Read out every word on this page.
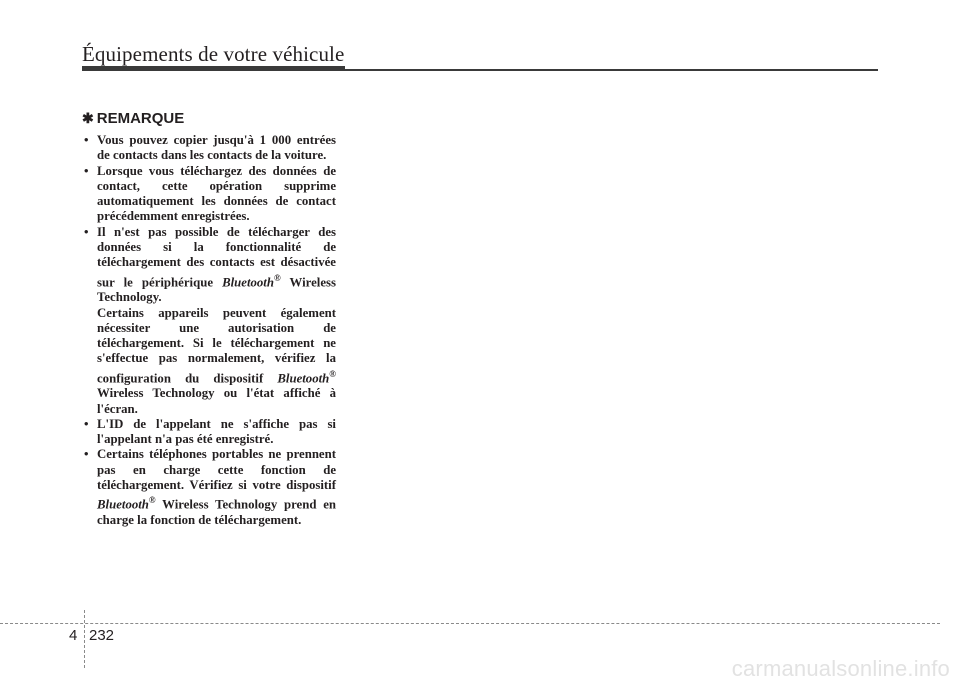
Équipements de votre véhicule
✱ REMARQUE
• Vous pouvez copier jusqu'à 1 000 entrées de contacts dans les contacts de la voiture.
• Lorsque vous téléchargez des données de contact, cette opération supprime automatiquement les données de contact précédemment enregistrées.
• Il n'est pas possible de télécharger des données si la fonctionnalité de téléchargement des contacts est désactivée sur le périphérique Bluetooth® Wireless Technology.
Certains appareils peuvent également nécessiter une autorisation de téléchargement. Si le téléchargement ne s'effectue pas normalement, vérifiez la configuration du dispositif Bluetooth® Wireless Technology ou l'état affiché à l'écran.
• L'ID de l'appelant ne s'affiche pas si l'appelant n'a pas été enregistré.
• Certains téléphones portables ne prennent pas en charge cette fonction de téléchargement. Vérifiez si votre dispositif Bluetooth® Wireless Technology prend en charge la fonction de téléchargement.
4 232
carmanualsonline.info
